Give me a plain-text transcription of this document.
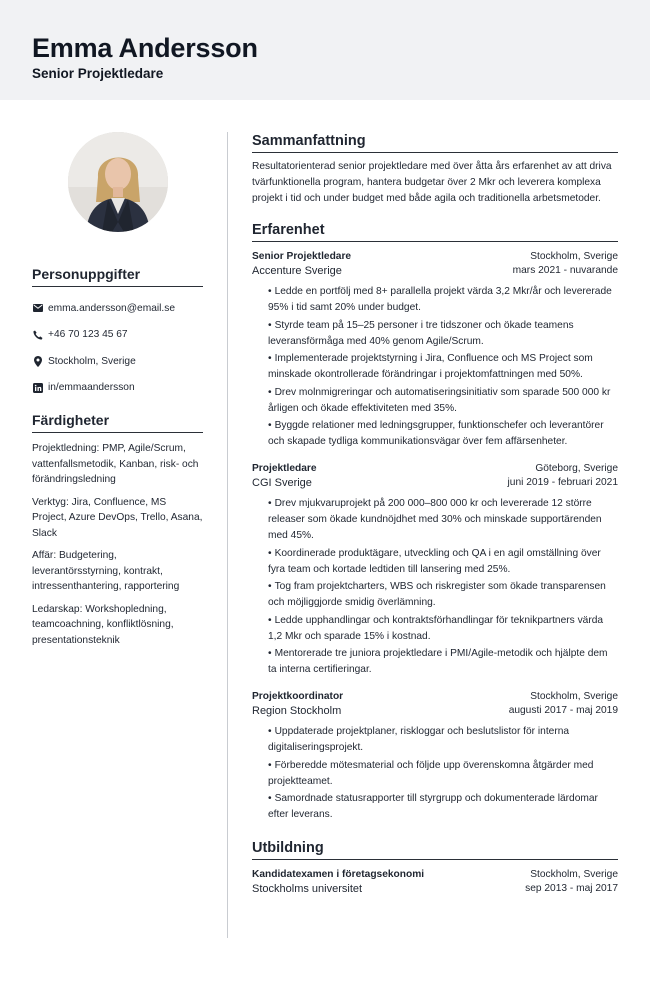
Emma Andersson
Senior Projektledare
Personuppgifter
emma.andersson@email.se
+46 70 123 45 67
Stockholm, Sverige
in/emmaandersson
Färdigheter
Projektledning: PMP, Agile/Scrum, vattenfallsmetodik, Kanban, risk- och förändringsledning
Verktyg: Jira, Confluence, MS Project, Azure DevOps, Trello, Asana, Slack
Affär: Budgetering, leverantörsstyrning, kontrakt, intressenthantering, rapportering
Ledarskap: Workshopledning, teamcoachning, konfliktlösning, presentationsteknik
Sammanfattning
Resultatorienterad senior projektledare med över åtta års erfarenhet av att driva tvärfunktionella program, hantera budgetar över 2 Mkr och leverera komplexa projekt i tid och under budget med både agila och traditionella arbetsmetoder.
Erfarenhet
Senior Projektledare	Stockholm, Sverige
Accenture Sverige	mars 2021 - nuvarande
• Ledde en portfölj med 8+ parallella projekt värda 3,2 Mkr/år och levererade 95% i tid samt 20% under budget.
• Styrde team på 15–25 personer i tre tidszoner och ökade teamens leveransförmåga med 40% genom Agile/Scrum.
• Implementerade projektstyrning i Jira, Confluence och MS Project som minskade okontrollerade förändringar i projektomfattningen med 50%.
• Drev molnmigreringar och automatiseringsinitiativ som sparade 500 000 kr årligen och ökade effektiviteten med 35%.
• Byggde relationer med ledningsgrupper, funktionschefer och leverantörer och skapade tydliga kommunikationsvägar över fem affärsenheter.
Projektledare	Göteborg, Sverige
CGI Sverige	juni 2019 - februari 2021
• Drev mjukvaruprojekt på 200 000–800 000 kr och levererade 12 större releaser som ökade kundnöjdhet med 30% och minskade supportärenden med 45%.
• Koordinerade produktägare, utveckling och QA i en agil omställning över fyra team och kortade ledtiden till lansering med 25%.
• Tog fram projektcharters, WBS och riskregister som ökade transparensen och möjliggjorde smidig överlämning.
• Ledde upphandlingar och kontraktsförhandlingar för teknikpartners värda 1,2 Mkr och sparade 15% i kostnad.
• Mentorerade tre juniora projektledare i PMI/Agile-metodik och hjälpte dem ta interna certifieringar.
Projektkoordinator	Stockholm, Sverige
Region Stockholm	augusti 2017 - maj 2019
• Uppdaterade projektplaner, riskloggar och beslutslistor för interna digitaliseringsprojekt.
• Förberedde mötesmaterial och följde upp överenskomna åtgärder med projektteamet.
• Samordnade statusrapporter till styrgrupp och dokumenterade lärdomar efter leverans.
Utbildning
Kandidatexamen i företagsekonomi	Stockholm, Sverige
Stockholms universitet	sep 2013 - maj 2017
